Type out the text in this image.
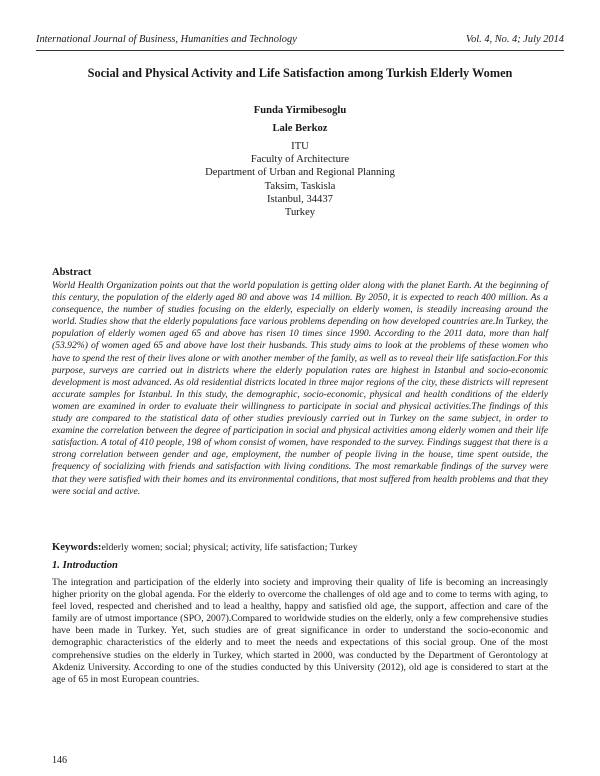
International Journal of Business, Humanities and Technology	Vol. 4, No. 4; July 2014
Social and Physical Activity and Life Satisfaction among Turkish Elderly Women
Funda Yirmibesoglu
Lale Berkoz
ITU
Faculty of Architecture
Department of Urban and Regional Planning
Taksim, Taskisla
Istanbul, 34437
Turkey
Abstract
World Health Organization points out that the world population is getting older along with the planet Earth. At the beginning of this century, the population of the elderly aged 80 and above was 14 million. By 2050, it is expected to reach 400 million. As a consequence, the number of studies focusing on the elderly, especially on elderly women, is steadily increasing around the world. Studies show that the elderly populations face various problems depending on how developed countries are.In Turkey, the population of elderly women aged 65 and above has risen 10 times since 1990. According to the 2011 data, more than half (53.92%) of women aged 65 and above have lost their husbands. This study aims to look at the problems of these women who have to spend the rest of their lives alone or with another member of the family, as well as to reveal their life satisfaction.For this purpose, surveys are carried out in districts where the elderly population rates are highest in Istanbul and socio-economic development is most advanced. As old residential districts located in three major regions of the city, these districts will represent accurate samples for Istanbul. In this study, the demographic, socio-economic, physical and health conditions of the elderly women are examined in order to evaluate their willingness to participate in social and physical activities.The findings of this study are compared to the statistical data of other studies previously carried out in Turkey on the same subject, in order to examine the correlation between the degree of participation in social and physical activities among elderly women and their life satisfaction. A total of 410 people, 198 of whom consist of women, have responded to the survey. Findings suggest that there is a strong correlation between gender and age, employment, the number of people living in the house, time spent outside, the frequency of socializing with friends and satisfaction with living conditions. The most remarkable findings of the survey were that they were satisfied with their homes and its environmental conditions, that most suffered from health problems and that they were social and active.
Keywords:elderly women; social; physical; activity, life satisfaction; Turkey
1. Introduction
The integration and participation of the elderly into society and improving their quality of life is becoming an increasingly higher priority on the global agenda. For the elderly to overcome the challenges of old age and to come to terms with aging, to feel loved, respected and cherished and to lead a healthy, happy and satisfied old age, the support, affection and care of the family are of utmost importance (SPO, 2007).Compared to worldwide studies on the elderly, only a few comprehensive studies have been made in Turkey. Yet, such studies are of great significance in order to understand the socio-economic and demographic characteristics of the elderly and to meet the needs and expectations of this social group. One of the most comprehensive studies on the elderly in Turkey, which started in 2000, was conducted by the Department of Gerontology at Akdeniz University. According to one of the studies conducted by this University (2012), old age is considered to start at the age of 65 in most European countries.
146
